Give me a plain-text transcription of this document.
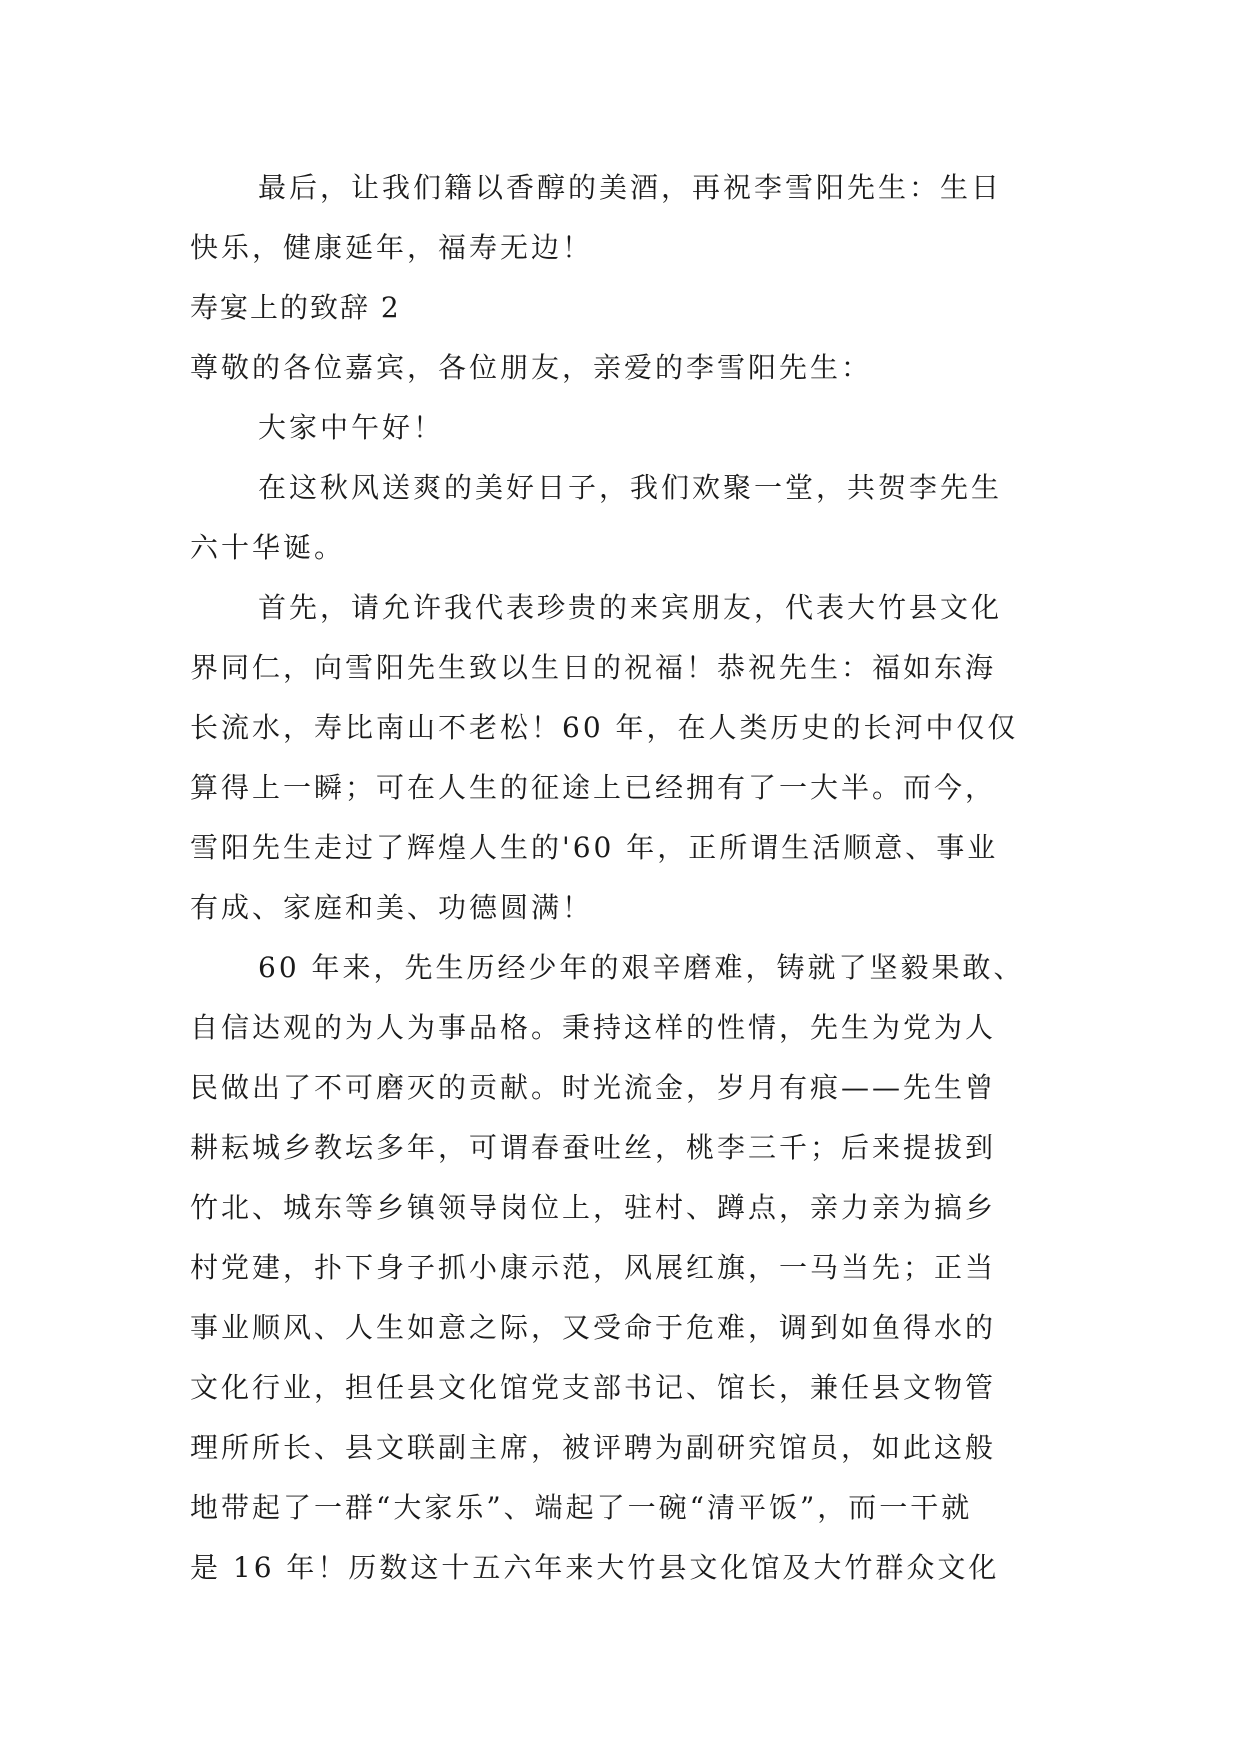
最后，让我们籍以香醇的美酒，再祝李雪阳先生：生日
快乐，健康延年，福寿无边！
寿宴上的致辞 2
尊敬的各位嘉宾，各位朋友，亲爱的李雪阳先生：
大家中午好！
在这秋风送爽的美好日子，我们欢聚一堂，共贺李先生
六十华诞。
首先，请允许我代表珍贵的来宾朋友，代表大竹县文化
界同仁，向雪阳先生致以生日的祝福！恭祝先生：福如东海
长流水，寿比南山不老松！60 年，在人类历史的长河中仅仅
算得上一瞬；可在人生的征途上已经拥有了一大半。而今，
雪阳先生走过了辉煌人生的'60 年，正所谓生活顺意、事业
有成、家庭和美、功德圆满！
60 年来，先生历经少年的艰辛磨难，铸就了坚毅果敢、
自信达观的为人为事品格。秉持这样的性情，先生为党为人
民做出了不可磨灭的贡献。时光流金，岁月有痕——先生曾
耕耘城乡教坛多年，可谓春蚕吐丝，桃李三千；后来提拔到
竹北、城东等乡镇领导岗位上，驻村、蹲点，亲力亲为搞乡
村党建，扑下身子抓小康示范，风展红旗，一马当先；正当
事业顺风、人生如意之际，又受命于危难，调到如鱼得水的
文化行业，担任县文化馆党支部书记、馆长，兼任县文物管
理所所长、县文联副主席，被评聘为副研究馆员，如此这般
地带起了一群“大家乐”、端起了一碗“清平饭”，而一干就
是 16 年！历数这十五六年来大竹县文化馆及大竹群众文化
